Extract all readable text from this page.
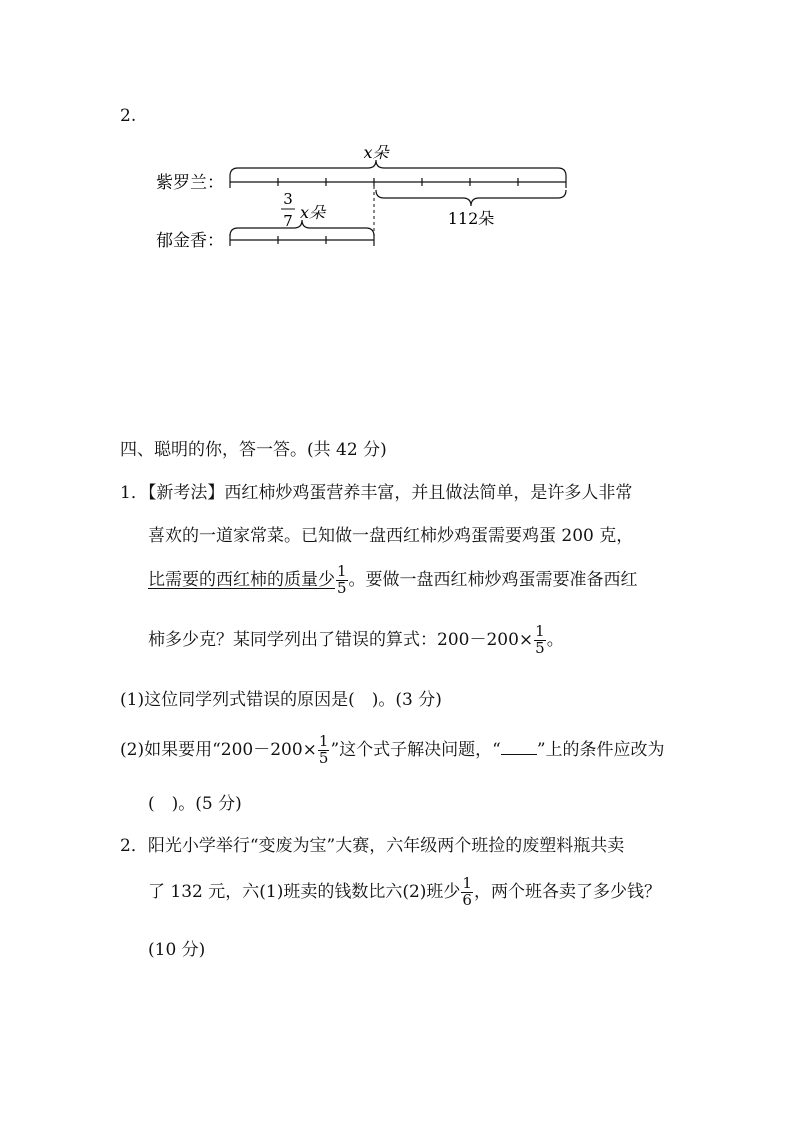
2.
紫罗兰：
郁金香：
x朵
112朵
3
7 x朵
四、聪明的你，答一答。(共 42 分)
1．【新考法】西红柿炒鸡蛋营养丰富，并且做法简单，是许多人非常
喜欢的一道家常菜。已知做一盘西红柿炒鸡蛋需要鸡蛋 200 克，
比需要的西红柿的质量少 $\frac{1}{5}$ 。要做一盘西红柿炒鸡蛋需要准备西红
柿多少克？某同学列出了错误的算式：$200-200\times \frac{1}{5}$ 。
(1)这位同学列式错误的原因是(　)。(3 分)
(2)如果要用“$200-200\times \frac{1}{5}$ ”这个式子解决问题，“ ”上的条件应改为
(　)。(5 分)
2．阳光小学举行“变废为宝”大赛，六年级两个班捡的废塑料瓶共卖
了 132 元，六(1)班卖的钱数比六(2)班少 $\frac{1}{6}$ ，两个班各卖了多少钱？
(10 分)
